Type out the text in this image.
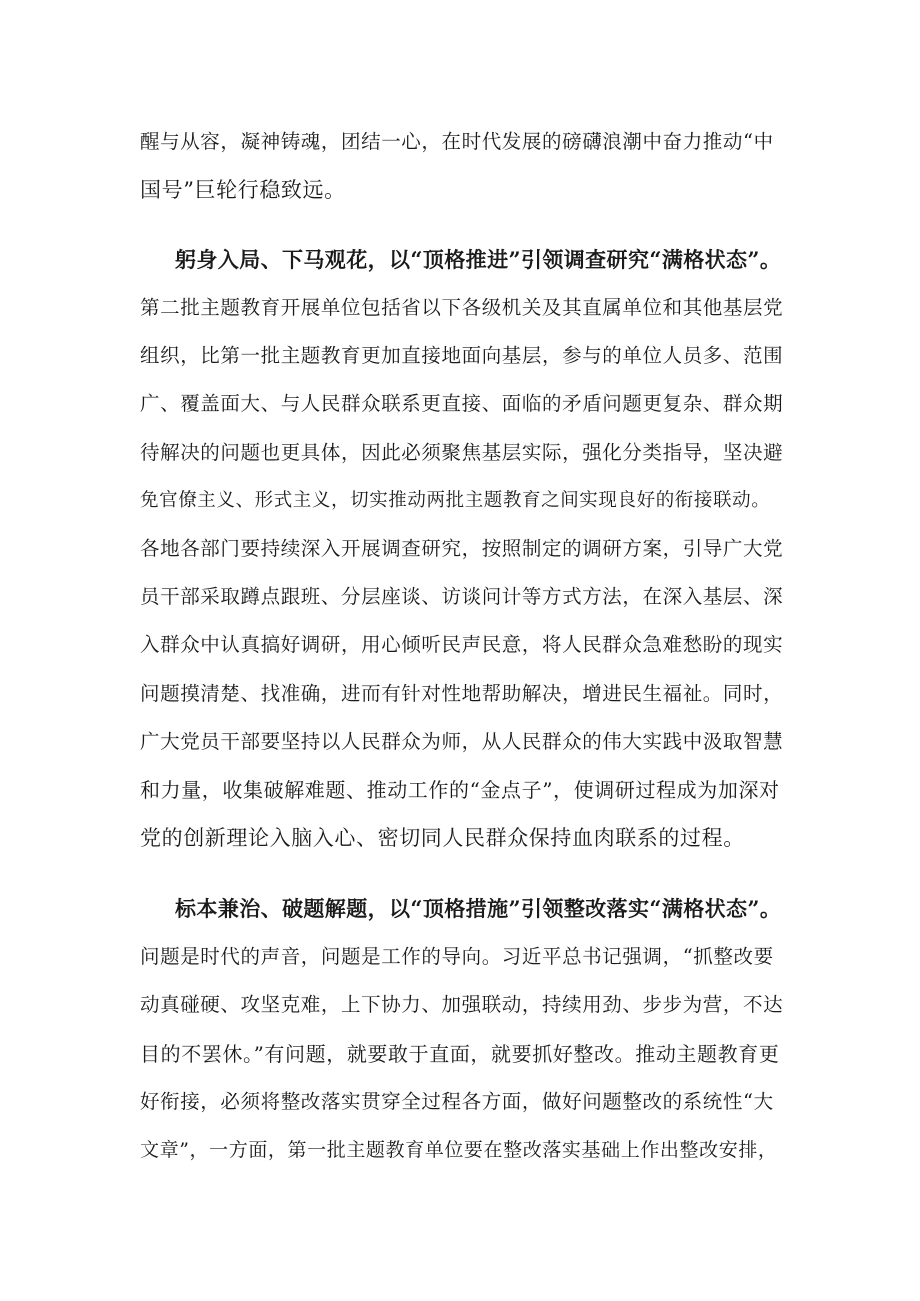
醒与从容，凝神铸魂，团结一心，在时代发展的磅礴浪潮中奋力推动“中
国号”巨轮行稳致远。
躬身入局、下马观花，以“顶格推进”引领调查研究“满格状态”。
第二批主题教育开展单位包括省以下各级机关及其直属单位和其他基层党
组织，比第一批主题教育更加直接地面向基层，参与的单位人员多、范围
广、覆盖面大、与人民群众联系更直接、面临的矛盾问题更复杂、群众期
待解决的问题也更具体，因此必须聚焦基层实际，强化分类指导，坚决避
免官僚主义、形式主义，切实推动两批主题教育之间实现良好的衔接联动。
各地各部门要持续深入开展调查研究，按照制定的调研方案，引导广大党
员干部采取蹲点跟班、分层座谈、访谈问计等方式方法，在深入基层、深
入群众中认真搞好调研，用心倾听民声民意，将人民群众急难愁盼的现实
问题摸清楚、找准确，进而有针对性地帮助解决，增进民生福祉。同时，
广大党员干部要坚持以人民群众为师，从人民群众的伟大实践中汲取智慧
和力量，收集破解难题、推动工作的“金点子”，使调研过程成为加深对
党的创新理论入脑入心、密切同人民群众保持血肉联系的过程。
标本兼治、破题解题，以“顶格措施”引领整改落实“满格状态”。
问题是时代的声音，问题是工作的导向。习近平总书记强调，“抓整改要
动真碰硬、攻坚克难，上下协力、加强联动，持续用劲、步步为营，不达
目的不罢休。”有问题，就要敢于直面，就要抓好整改。推动主题教育更
好衔接，必须将整改落实贯穿全过程各方面，做好问题整改的系统性“大
文章”，一方面，第一批主题教育单位要在整改落实基础上作出整改安排，
